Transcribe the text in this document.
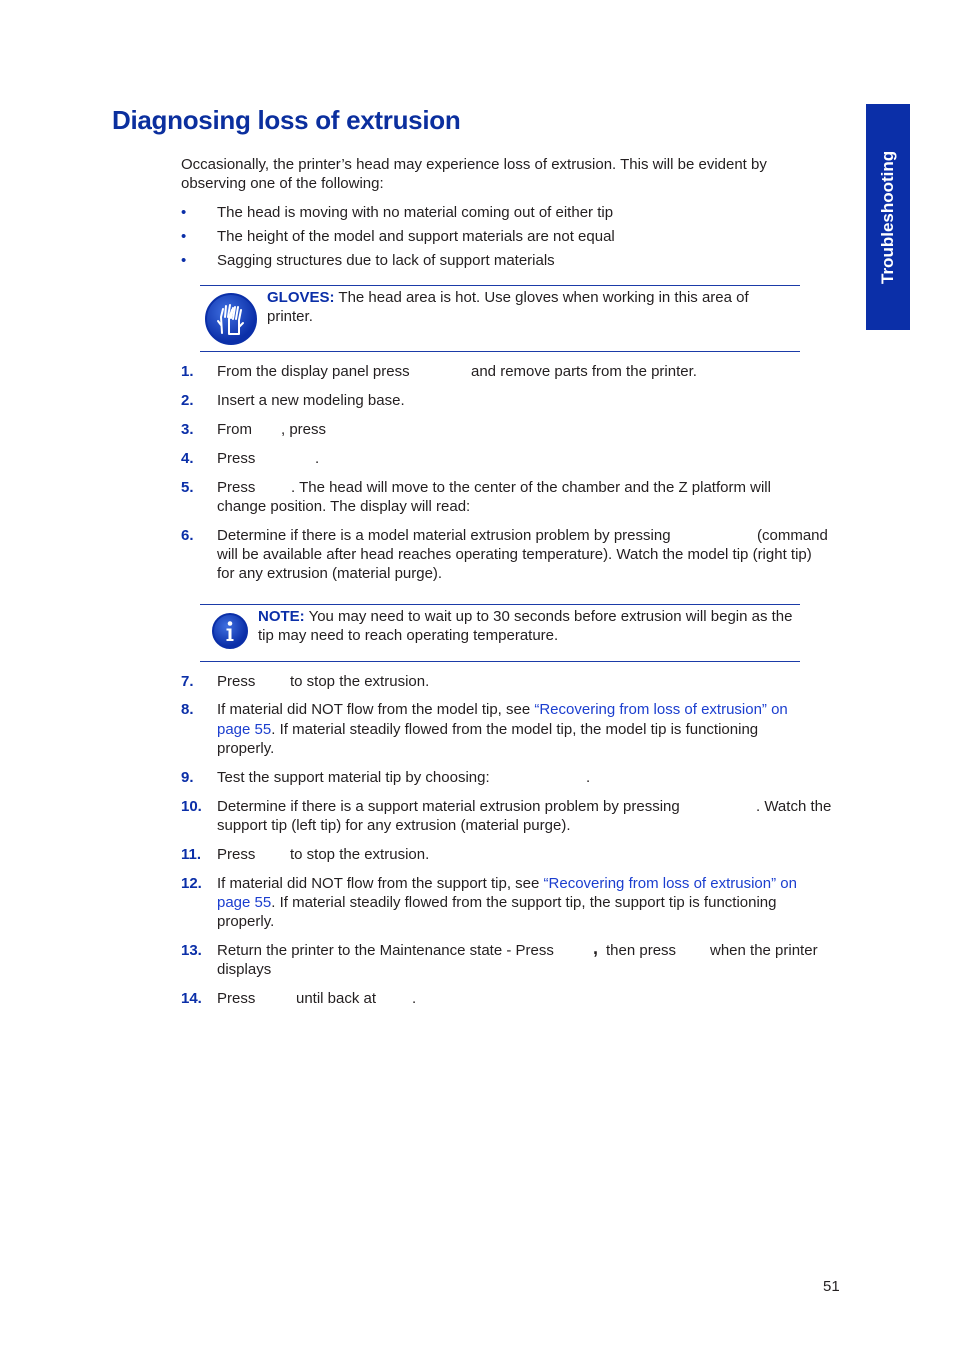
Diagnosing loss of extrusion
Troubleshooting

Occasionally, the printer’s head may experience loss of extrusion. This will be evident by observing one of the following:

• The head is moving with no material coming out of either tip
• The height of the model and support materials are not equal
• Sagging structures due to lack of support materials
GLOVES: The head area is hot. Use gloves when working in this area of printer.
NOTE: You may need to wait up to 30 seconds before extrusion will begin as the tip may need to reach operating temperature.
1. From the display panel press	and remove parts from the printer.
2. Insert a new modeling base.
3. From	, press
4. Press	.
5. Press	. The head will move to the center of the chamber and the Z platform will
change position. The display will read:
6. Determine if there is a model material extrusion problem by pressing	(command
will be available after head reaches operating temperature). Watch the model tip (right tip)
for any extrusion (material purge).
7. Press	to stop the extrusion.
8. If material did NOT flow from the model tip, see “Recovering from loss of extrusion” on
page 55. If material steadily flowed from the model tip, the model tip is functioning
properly.
9. Test the support material tip by choosing:	.
10. Determine if there is a support material extrusion problem by pressing	. Watch the
support tip (left tip) for any extrusion (material purge).
11. Press	to stop the extrusion.
12. If material did NOT flow from the support tip, see “Recovering from loss of extrusion” on
page 55. If material steadily flowed from the support tip, the support tip is functioning
properly.
13. Return the printer to the Maintenance state - Press	, then press	when the printer
displays
14. Press	until back at	.
51
